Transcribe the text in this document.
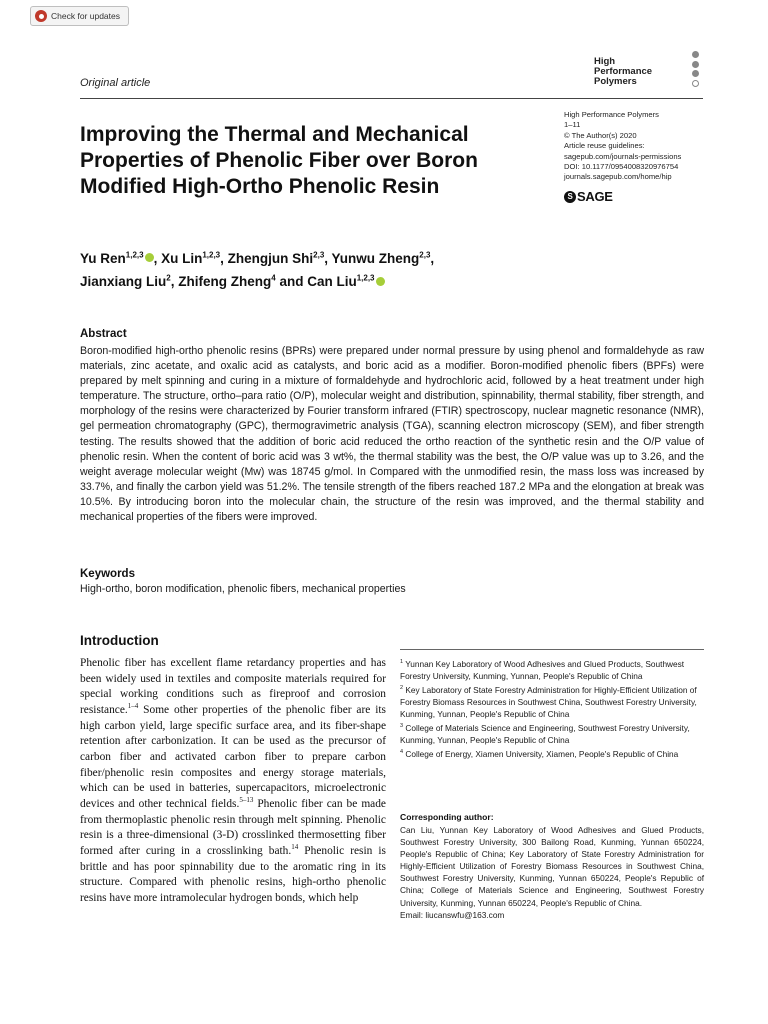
Check for updates
Original article
High
Performance
Polymers
Improving the Thermal and Mechanical Properties of Phenolic Fiber over Boron Modified High-Ortho Phenolic Resin
High Performance Polymers
1–11
© The Author(s) 2020
Article reuse guidelines:
sagepub.com/journals-permissions
DOI: 10.1177/0954008320976754
journals.sagepub.com/home/hip
S SAGE
Yu Ren$^{1,2,3}$ , Xu Lin$^{1,2,3}$, Zhengjun Shi$^{2,3}$, Yunwu Zheng$^{2,3}$,
Jianxiang Liu$^2$, Zhifeng Zheng$^4$ and Can Liu$^{1,2,3}$
Abstract
Boron-modified high-ortho phenolic resins (BPRs) were prepared under normal pressure by using phenol and formaldehyde as raw materials, zinc acetate, and oxalic acid as catalysts, and boric acid as a modifier. Boron-modified phenolic fibers (BPFs) were prepared by melt spinning and curing in a mixture of formaldehyde and hydrochloric acid, followed by a heat treatment under high temperature. The structure, ortho–para ratio (O/P), molecular weight and distribution, spinnability, thermal stability, fiber strength, and morphology of the resins were characterized by Fourier transform infrared (FTIR) spectroscopy, nuclear magnetic resonance (NMR), gel permeation chromatography (GPC), thermogravimetric analysis (TGA), scanning electron microscopy (SEM), and fiber strength testing. The results showed that the addition of boric acid reduced the ortho reaction of the synthetic resin and the O/P value of phenolic resin. When the content of boric acid was 3 wt%, the thermal stability was the best, the O/P value was up to 3.26, and the weight average molecular weight (Mw) was 18745 g/mol. In Compared with the unmodified resin, the mass loss was increased by 33.7%, and finally the carbon yield was 51.2%. The tensile strength of the fibers reached 187.2 MPa and the elongation at break was 10.5%. By introducing boron into the molecular chain, the structure of the resin was improved, and the thermal stability and mechanical properties of the fibers were improved.
Keywords
High-ortho, boron modification, phenolic fibers, mechanical properties
Introduction
Phenolic fiber has excellent flame retardancy properties and has been widely used in textiles and composite materials required for special working conditions such as fireproof and corrosion resistance.$^{1-4}$ Some other properties of the phenolic fiber are its high carbon yield, large specific surface area, and its fiber-shape retention after carbonization. It can be used as the precursor of carbon fiber and activated carbon fiber to prepare carbon fiber/phenolic resin composites and energy storage materials, which can be used in batteries, supercapacitors, microelectronic devices and other technical fields.$^{5-13}$ Phenolic fiber can be made from thermoplastic phenolic resin through melt spinning. Phenolic resin is a three-dimensional (3-D) crosslinked thermosetting fiber formed after curing in a crosslinking bath.$^{14}$ Phenolic resin is brittle and has poor spinnability due to the aromatic ring in its structure. Compared with phenolic resins, high-ortho phenolic resins have more intramolecular hydrogen bonds, which help
$^1$ Yunnan Key Laboratory of Wood Adhesives and Glued Products, Southwest Forestry University, Kunming, Yunnan, People's Republic of China
$^2$ Key Laboratory of State Forestry Administration for Highly-Efficient Utilization of Forestry Biomass Resources in Southwest China, Southwest Forestry University, Kunming, Yunnan, People's Republic of China
$^3$ College of Materials Science and Engineering, Southwest Forestry University, Kunming, Yunnan, People's Republic of China
$^4$ College of Energy, Xiamen University, Xiamen, People's Republic of China
Corresponding author:
Can Liu, Yunnan Key Laboratory of Wood Adhesives and Glued Products, Southwest Forestry University, 300 Bailong Road, Kunming, Yunnan 650224, People's Republic of China; Key Laboratory of State Forestry Administration for Highly-Efficient Utilization of Forestry Biomass Resources in Southwest China, Southwest Forestry University, Kunming, Yunnan 650224, People's Republic of China; College of Materials Science and Engineering, Southwest Forestry University, Kunming, Yunnan 650224, People's Republic of China.
Email: liucanswfu@163.com
